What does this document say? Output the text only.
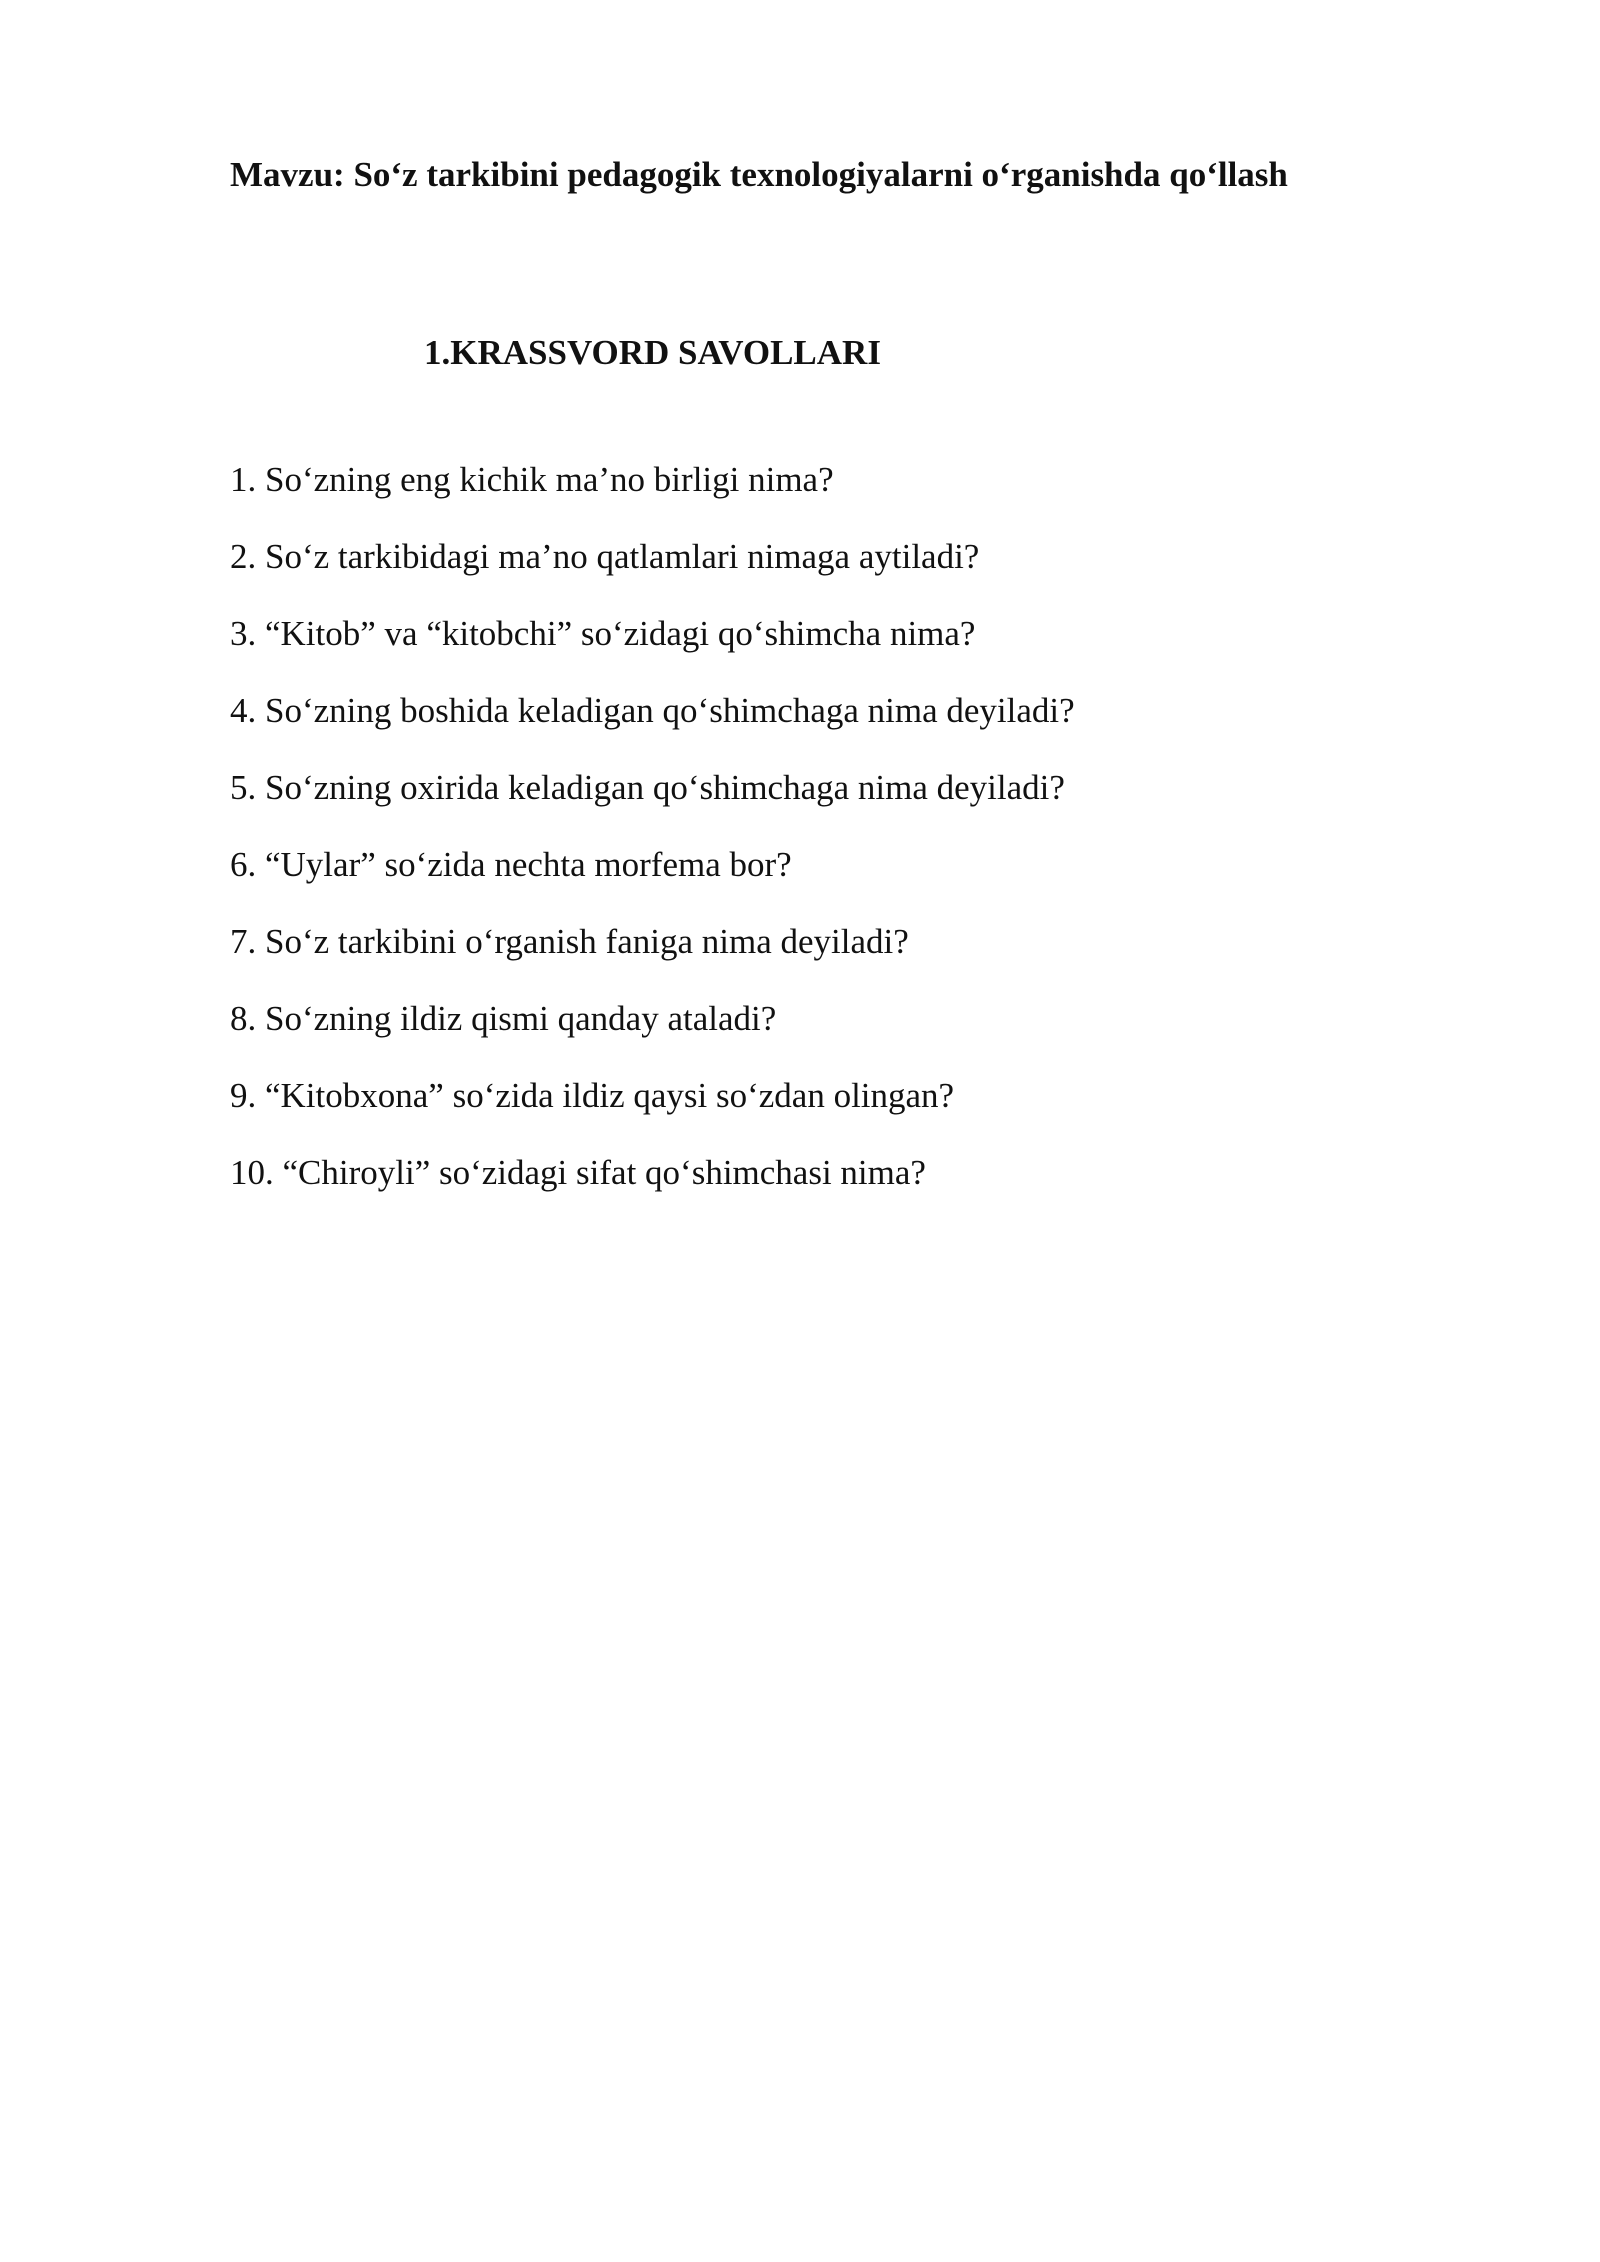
Mavzu: So‘z tarkibini pedagogik texnologiyalarni o‘rganishda qo‘llash
1.KRASSVORD SAVOLLARI
1. So‘zning eng kichik ma’no birligi nima?
2. So‘z tarkibidagi ma’no qatlamlari nimaga aytiladi?
3. “Kitob” va “kitobchi” so‘zidagi qo‘shimcha nima?
4. So‘zning boshida keladigan qo‘shimchaga nima deyiladi?
5. So‘zning oxirida keladigan qo‘shimchaga nima deyiladi?
6. “Uylar” so‘zida nechta morfema bor?
7. So‘z tarkibini o‘rganish faniga nima deyiladi?
8. So‘zning ildiz qismi qanday ataladi?
9. “Kitobxona” so‘zida ildiz qaysi so‘zdan olingan?
10. “Chiroyli” so‘zidagi sifat qo‘shimchasi nima?
